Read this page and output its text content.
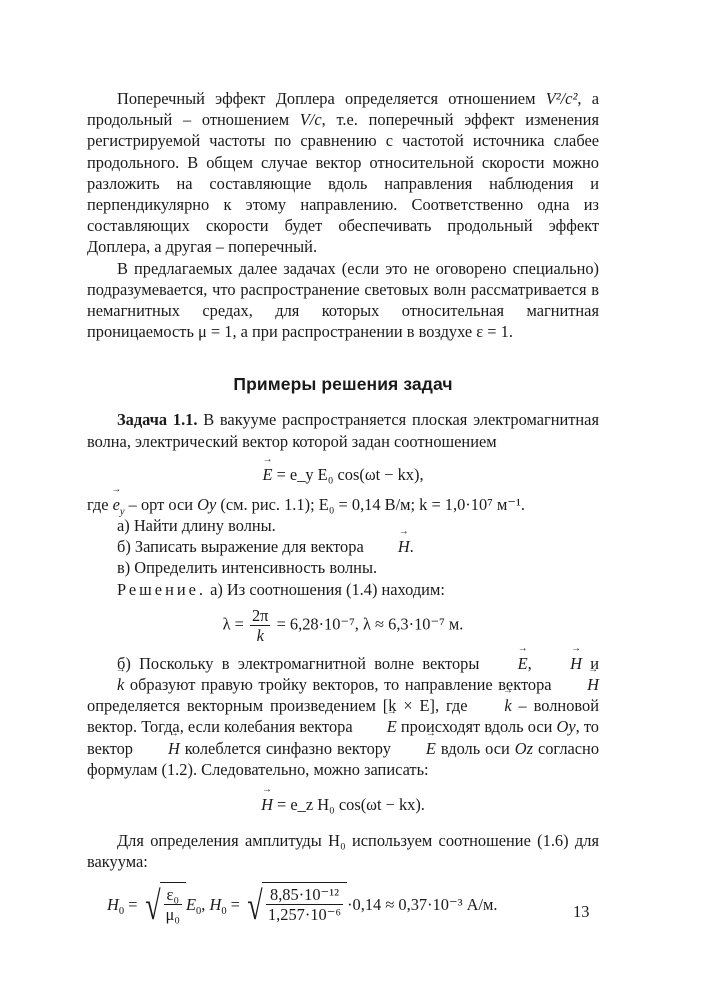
Поперечный эффект Доплера определяется отношением V²/c², а продольный – отношением V/c, т.е. поперечный эффект изменения регистрируемой частоты по сравнению с частотой источника слабее продольного. В общем случае вектор относительной скорости можно разложить на составляющие вдоль направления наблюдения и перпендикулярно к этому направлению. Соответственно одна из составляющих скорости будет обеспечивать продольный эффект Доплера, а другая – поперечный.

В предлагаемых далее задачах (если это не оговорено специально) подразумевается, что распространение световых волн рассматривается в немагнитных средах, для которых относительная магнитная проницаемость μ = 1, а при распространении в воздухе ε = 1.

Примеры решения задач

Задача 1.1. В вакууме распространяется плоская электромагнитная волна, электрический вектор которой задан соотношением

→ E = e_y E₀ cos(ωt − kx),

где → $e_y$ – орт оси Oy (см. рис. 1.1); E₀ = 0,14 В/м; k = 1,0·10⁷ м⁻¹.

а) Найти длину волны.

б) Записать выражение для вектора → H.

в) Определить интенсивность волны.

Решение. а) Из соотношения (1.4) находим:

$\lambda = \frac{2\pi}{k} = 6,28\cdot 10^{-7}$, λ ≈ 6,3·10⁻⁷ м.

б) Поскольку в электромагнитной волне векторы → E, → H и → k образуют правую тройку векторов, то направление вектора → H определяется векторным произведением [k × E], где → k – волновой вектор. Тогда, если колебания вектора → E происходят вдоль оси Oy, то вектор → H колеблется синфазно вектору → E вдоль оси Oz согласно формулам (1.2). Следовательно, можно записать:

→ H = e_z H₀ cos(ωt − kx).

Для определения амплитуды H₀ используем соотношение (1.6) для вакуума:

$H_0$ = √ $\frac{\text{ε₀}}{\text{μ₀}} E_0$, $H_0$ = √ $\frac{\text{8,85·10⁻¹²}}{\text{1,257·10⁻⁶}} \cdot 0,14 \approx 0,37\cdot 10^{-3}$ А/м.	13
